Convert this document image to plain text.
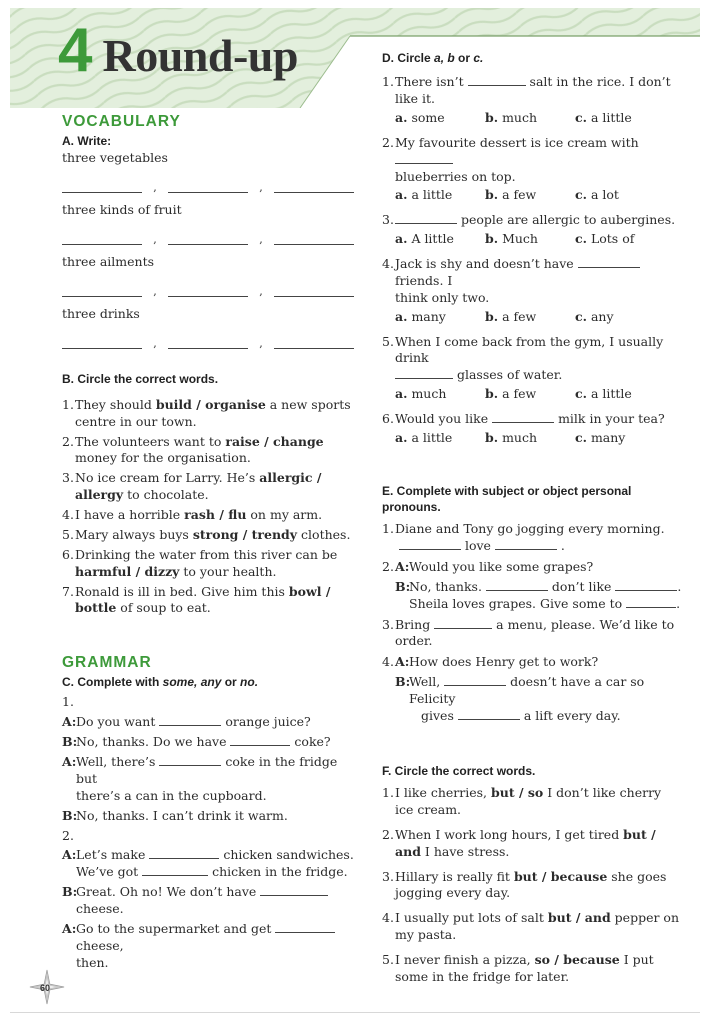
4 Round-up
VOCABULARY
A. Write:
three vegetables
,	,
three kinds of fruit
,	,
three ailments
,	,
three drinks
,	,
B. Circle the correct words.
1. They should build / organise a new sports centre in our town.
2. The volunteers want to raise / change money for the organisation.
3. No ice cream for Larry. He’s allergic / allergy to chocolate.
4. I have a horrible rash / flu on my arm.
5. Mary always buys strong / trendy clothes.
6. Drinking the water from this river can be harmful / dizzy to your health.
7. Ronald is ill in bed. Give him this bowl / bottle of soup to eat.
GRAMMAR
C. Complete with some, any or no.
1.
A: Do you want	orange juice?
B:
No, thanks. Do we have	coke?
A: Well, there’s	coke in the fridge but
there’s a can in the cupboard.
B:
No, thanks. I can’t drink it warm.
2.
A: Let’s make	chicken sandwiches.
We’ve got	chicken in the fridge.
B:
Great. Oh no! We don’t have  cheese.
A: Go to the supermarket and get  cheese,
then.
D. Circle a, b or c.
1. There isn’t	salt in the rice. I don’t like it.
a. some	b. much	c. a little
2. My favourite dessert is ice cream with
blueberries on top.
a. a little	b. a few	c. a lot
3.	people are allergic to aubergines.
a. A little	b. Much	c. Lots of
4. Jack is shy and doesn’t have  friends. I
think only two.
a. many	b. a few	c. any
5. When I come back from the gym, I usually drink
glasses of water.
a. much	b. a few	c. a little
6. Would you like	milk in your tea?
a. a little	b. much	c. many
E. Complete with subject or object personal pronouns.
1. Diane and Tony go jogging every morning.
love	.
2. A: Would you like some grapes?
B:
No, thanks.	don’t like	.
Sheila loves grapes. Give some to	.
3. Bring	a menu, please. We’d like to order.
4. A: How does Henry get to work?
B:
Well,	doesn’t have a car so Felicity
gives	a lift every day.
F. Circle the correct words.
1. I like cherries, but / so I don’t like cherry ice cream.
2. When I work long hours, I get tired but / and I have stress.
3. Hillary is really fit but / because she goes jogging every day.
4. I usually put lots of salt but / and pepper on my pasta.
5. I never finish a pizza, so / because I put some in the fridge for later.
60
